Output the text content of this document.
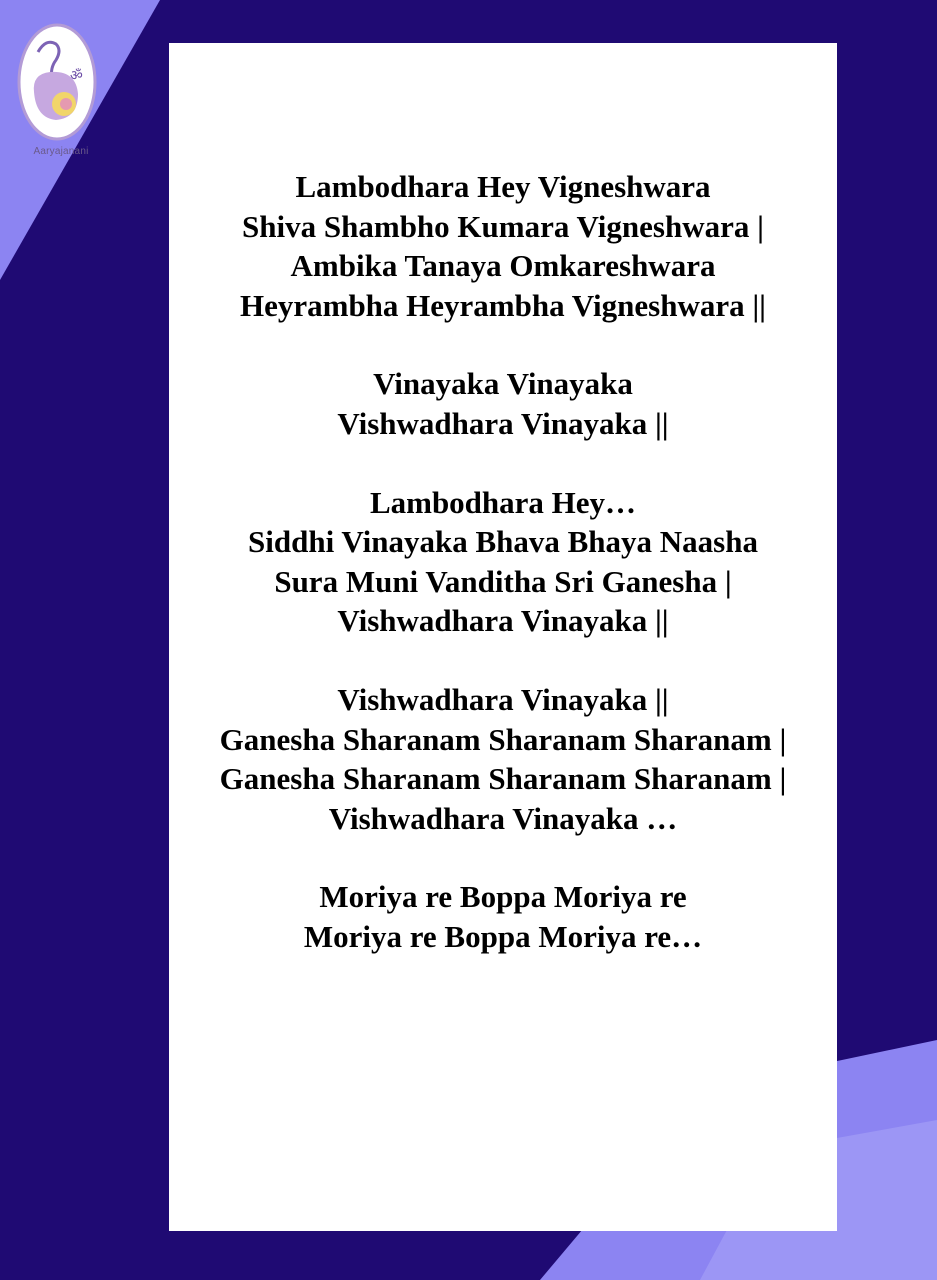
ॐ
Aaryajanani
Lambodhara Hey Vigneshwara
Shiva Shambho Kumara Vigneshwara |
Ambika Tanaya Omkareshwara
Heyrambha Heyrambha Vigneshwara ||
Vinayaka Vinayaka
Vishwadhara Vinayaka ||
Lambodhara Hey…
Siddhi Vinayaka Bhava Bhaya Naasha
Sura Muni Vanditha Sri Ganesha |
Vishwadhara Vinayaka ||
Vishwadhara Vinayaka ||
Ganesha Sharanam Sharanam Sharanam |
Ganesha Sharanam Sharanam Sharanam |
Vishwadhara Vinayaka …
Moriya re Boppa Moriya re
Moriya re Boppa Moriya re…
